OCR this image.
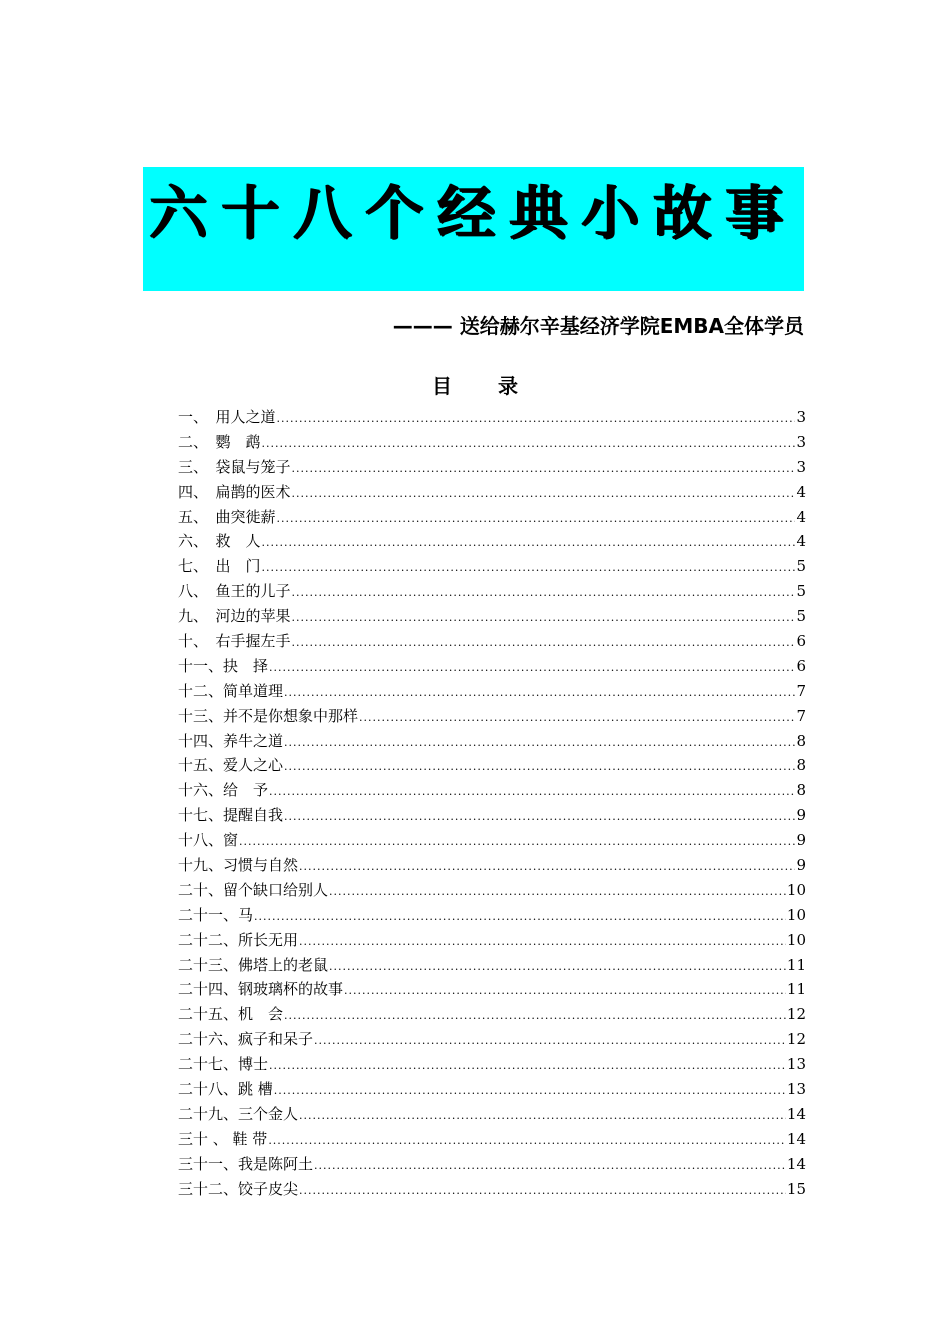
六十八个经典小故事
——— 送给赫尔辛基经济学院EMBA全体学员
目录
一、　用人之道 .....	3
二、　鹦　鹉 .....	3
三、　袋鼠与笼子 .....	3
四、　扁鹊的医术 .....	4
五、　曲突徙薪 .....	4
六、　救　人 .....	4
七、　出　门 .....	5
八、　鱼王的儿子 .....	5
九、　河边的苹果 .....	5
十、　右手握左手 .....	6
十一、抉　择 .....	6
十二、简单道理 .....	7
十三、并不是你想象中那样 .....	7
十四、养牛之道 .....	8
十五、爱人之心 .....	8
十六、给　予 .....	8
十七、提醒自我 .....	9
十八、窗 .....	9
十九、习惯与自然 .....	9
二十、留个缺口给别人 .....	10
二十一、马 .....	10
二十二、所长无用 .....	10
二十三、佛塔上的老鼠 .....	11
二十四、钢玻璃杯的故事 .....	11
二十五、机　会 .....	12
二十六、疯子和呆子 .....	12
二十七、博士 .....	13
二十八、跳 槽 .....	13
二十九、三个金人 .....	14
三十 、 鞋 带 .....	14
三十一、我是陈阿土 .....	14
三十二、饺子皮尖 .....	15
